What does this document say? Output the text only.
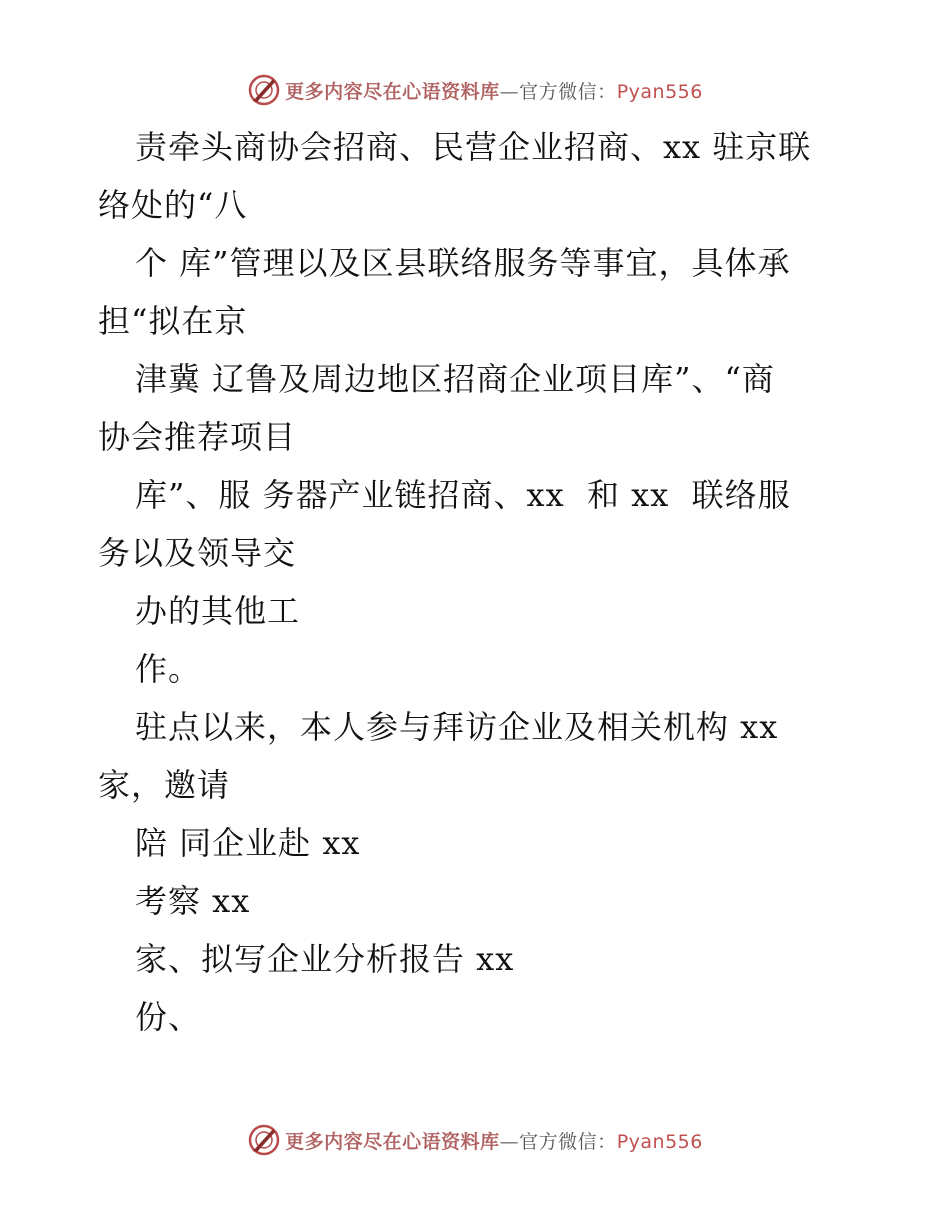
更多内容尽在心语资料库—官方微信：Pyan556
责牵头商协会招商、民营企业招商、xx 驻京联
络处的“八
个 库”管理以及区县联络服务等事宜，具体承
担“拟在京
津冀 辽鲁及周边地区招商企业项目库”、“商
协会推荐项目
库”、服 务器产业链招商、xx  和 xx  联络服
务以及领导交
办的其他工
作。
驻点以来，本人参与拜访企业及相关机构 xx
家，邀请
陪 同企业赴 xx
考察 xx
家、拟写企业分析报告 xx
份、
更多内容尽在心语资料库—官方微信：Pyan556
